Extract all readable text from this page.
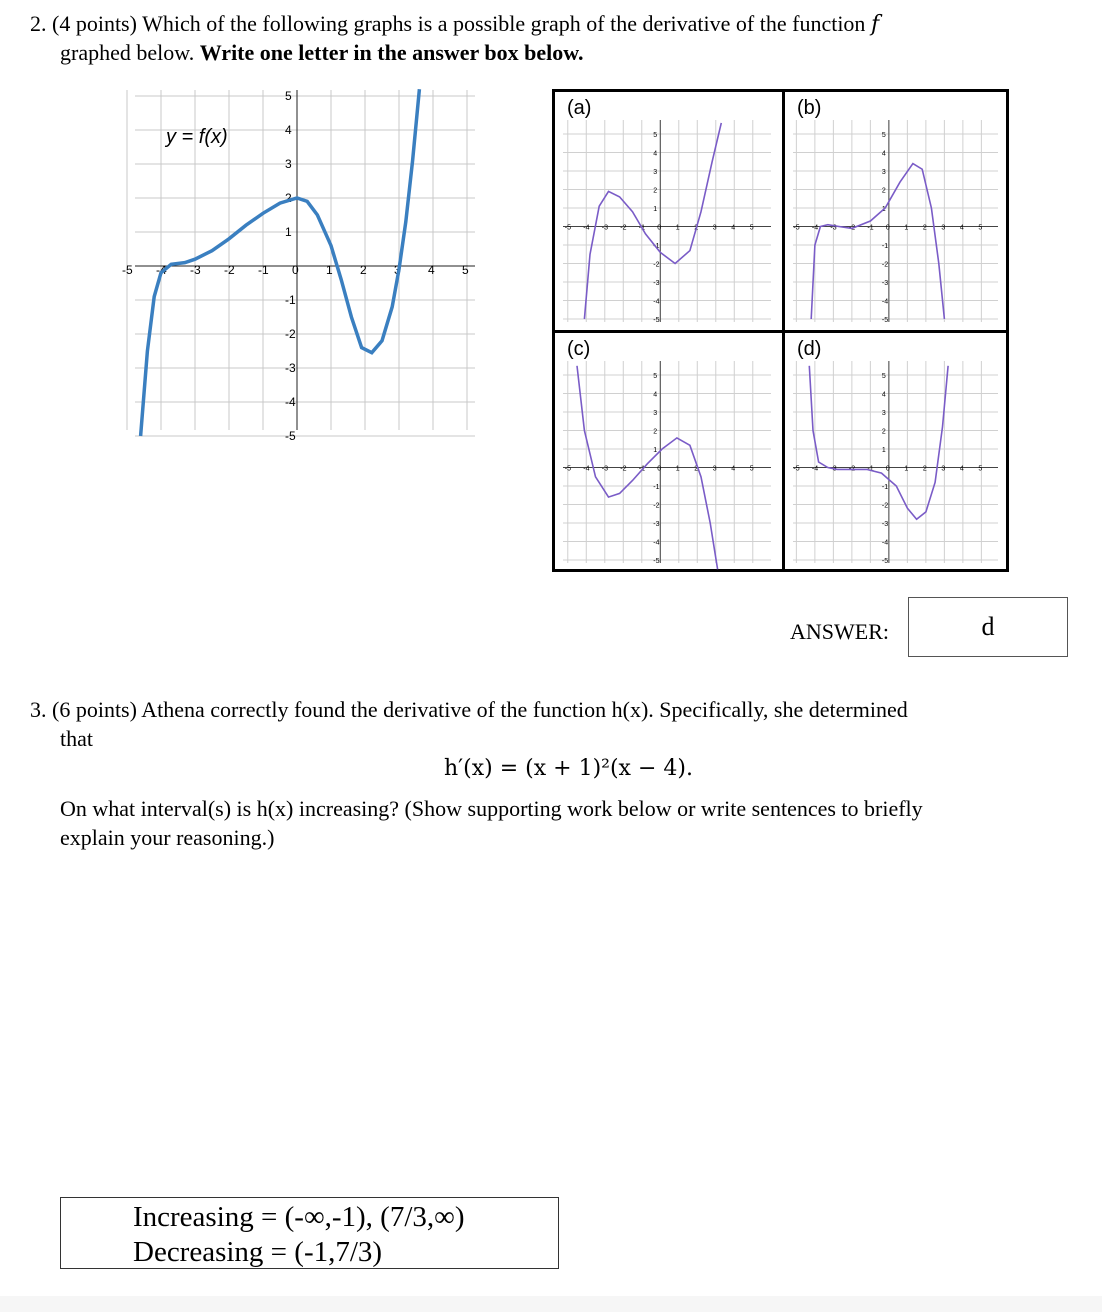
2. (4 points) Which of the following graphs is a possible graph of the derivative of the function f
graphed below. Write one letter in the answer box below.
y = f(x)
-5 -4 -3 -2 -1 0 1 2 3 4 5
5
4
3
2
1
-1
-2
-3
-4
-5
-5 -4 -3 -2 -1 0 1 2 3 4 5
5
4
3
2
1
-1
-2
-3
-4
-5
(a)
-5 -4 -3 -2 -1 0 1 2 3 4 5
5
4
3
2
1
-1
-2
-3
-4
-5
(b)
-5 -4 -3 -2 -1 0 1 2 3 4 5
5
4
3
2
1
-1
-2
-3
-4
-5
(c)
-5 -4 -3 -2 -1 0 1 2 3 4 5
5
4
3
2
1
-1
-2
-3
-4
-5
(d)
ANSWER:	d
3. (6 points) Athena correctly found the derivative of the function h(x). Specifically, she determined
that
h′(x) = (x + 1)²(x − 4).
On what interval(s) is h(x) increasing? (Show supporting work below or write sentences to briefly
explain your reasoning.)
Increasing = (-∞,-1), (7/3,∞)
Decreasing = (-1,7/3)
